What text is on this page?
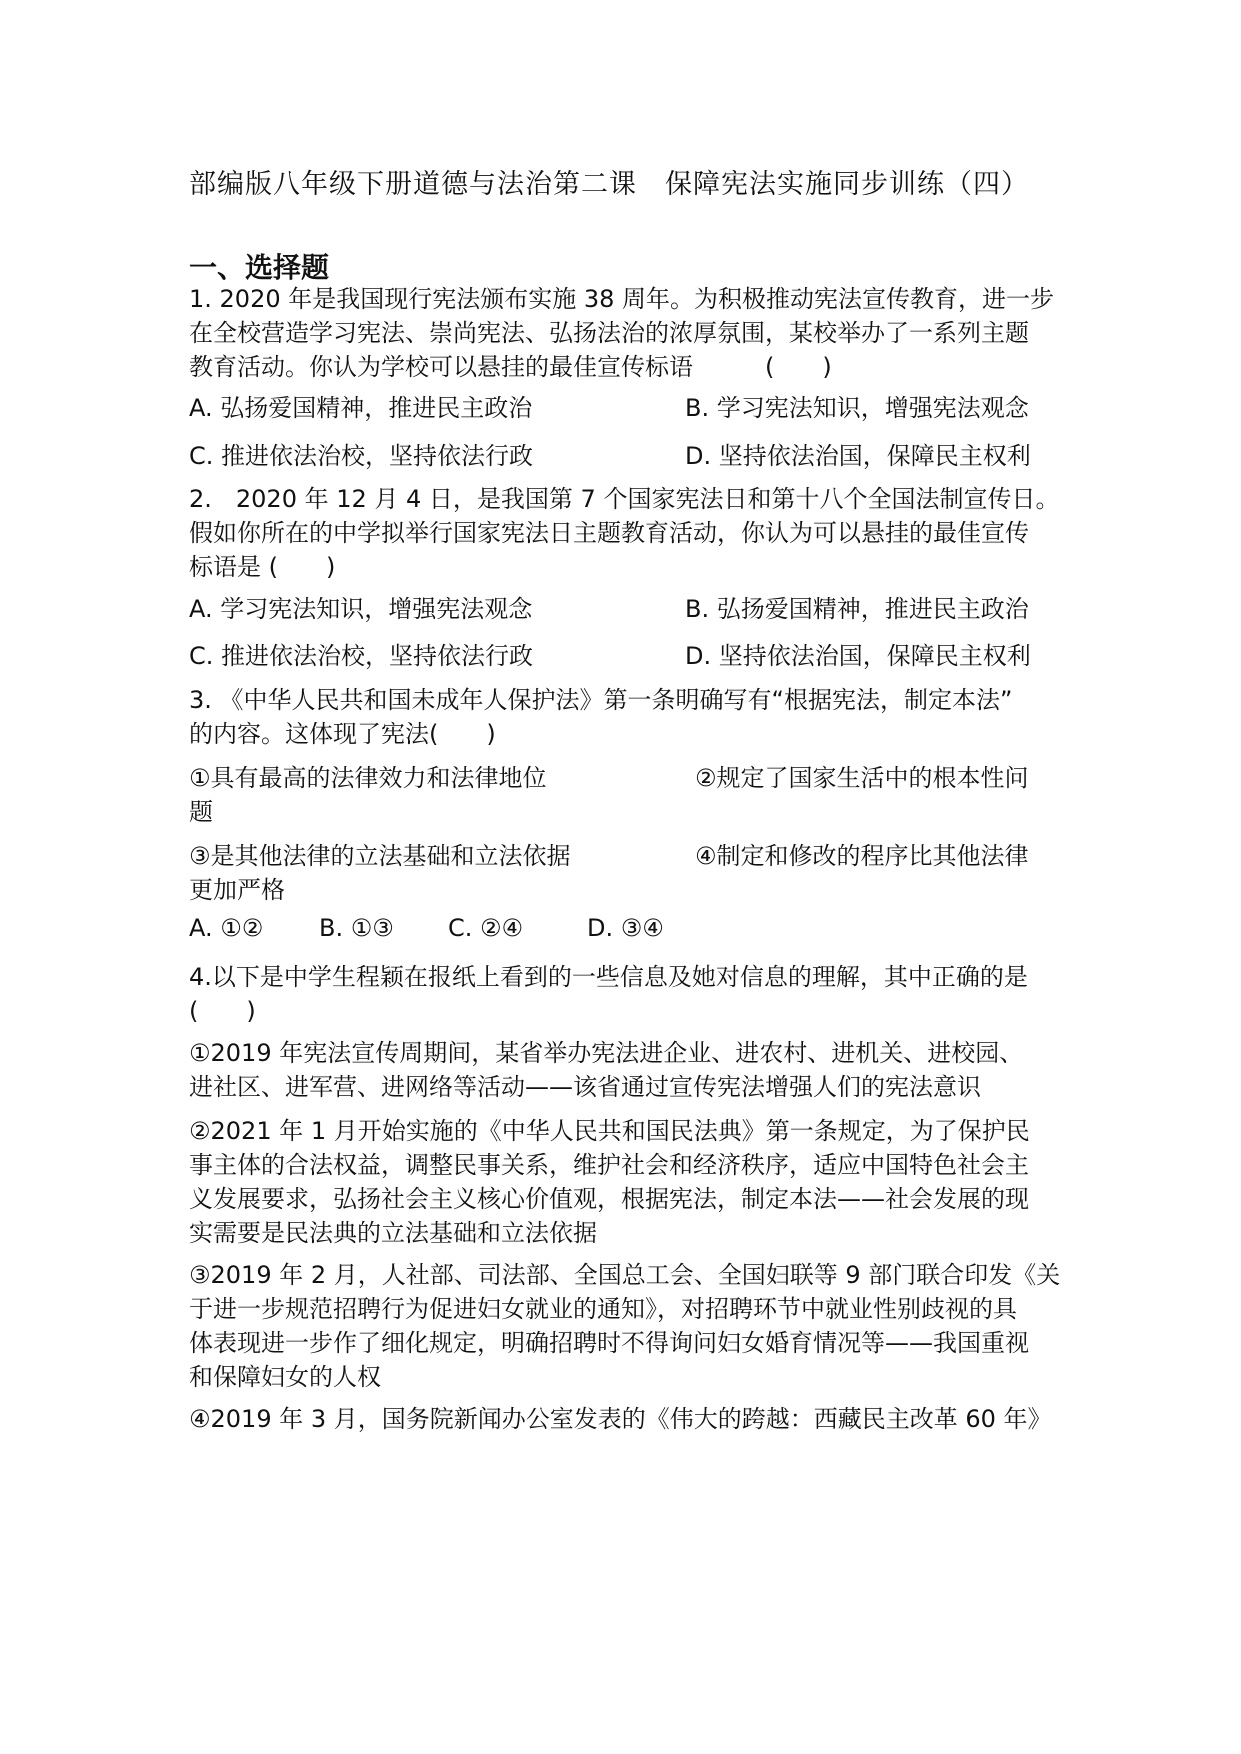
部编版八年级下册道德与法治第二课　保障宪法实施同步训练（四）
一、选择题
1. 2020 年是我国现行宪法颁布实施 38 周年。为积极推动宪法宣传教育，进一步
在全校营造学习宪法、崇尚宪法、弘扬法治的浓厚氛围，某校举办了一系列主题
教育活动。你认为学校可以悬挂的最佳宣传标语　　　(　　)
A. 弘扬爱国精神，推进民主政治	B. 学习宪法知识，增强宪法观念
C. 推进依法治校，坚持依法行政	D. 坚持依法治国，保障民主权利
2.　2020 年 12 月 4 日，是我国第 7 个国家宪法日和第十八个全国法制宣传日。
假如你所在的中学拟举行国家宪法日主题教育活动，你认为可以悬挂的最佳宣传
标语是 (　　)
A. 学习宪法知识，增强宪法观念	B. 弘扬爱国精神，推进民主政治
C. 推进依法治校，坚持依法行政	D. 坚持依法治国，保障民主权利
3. 《中华人民共和国未成年人保护法》第一条明确写有“根据宪法，制定本法”
的内容。这体现了宪法(　　)
①具有最高的法律效力和法律地位	②规定了国家生活中的根本性问
题
③是其他法律的立法基础和立法依据	④制定和修改的程序比其他法律
更加严格
A. ①② B. ①③ C. ②④	D. ③④
4.以下是中学生程颖在报纸上看到的一些信息及她对信息的理解，其中正确的是
(　　)
①2019 年宪法宣传周期间，某省举办宪法进企业、进农村、进机关、进校园、
进社区、进军营、进网络等活动——该省通过宣传宪法增强人们的宪法意识
②2021 年 1 月开始实施的《中华人民共和国民法典》第一条规定，为了保护民
事主体的合法权益，调整民事关系，维护社会和经济秩序，适应中国特色社会主
义发展要求，弘扬社会主义核心价值观，根据宪法，制定本法——社会发展的现
实需要是民法典的立法基础和立法依据
③2019 年 2 月，人社部、司法部、全国总工会、全国妇联等 9 部门联合印发《关
于进一步规范招聘行为促进妇女就业的通知》，对招聘环节中就业性别歧视的具
体表现进一步作了细化规定，明确招聘时不得询问妇女婚育情况等——我国重视
和保障妇女的人权
④2019 年 3 月，国务院新闻办公室发表的《伟大的跨越：西藏民主改革 60 年》
